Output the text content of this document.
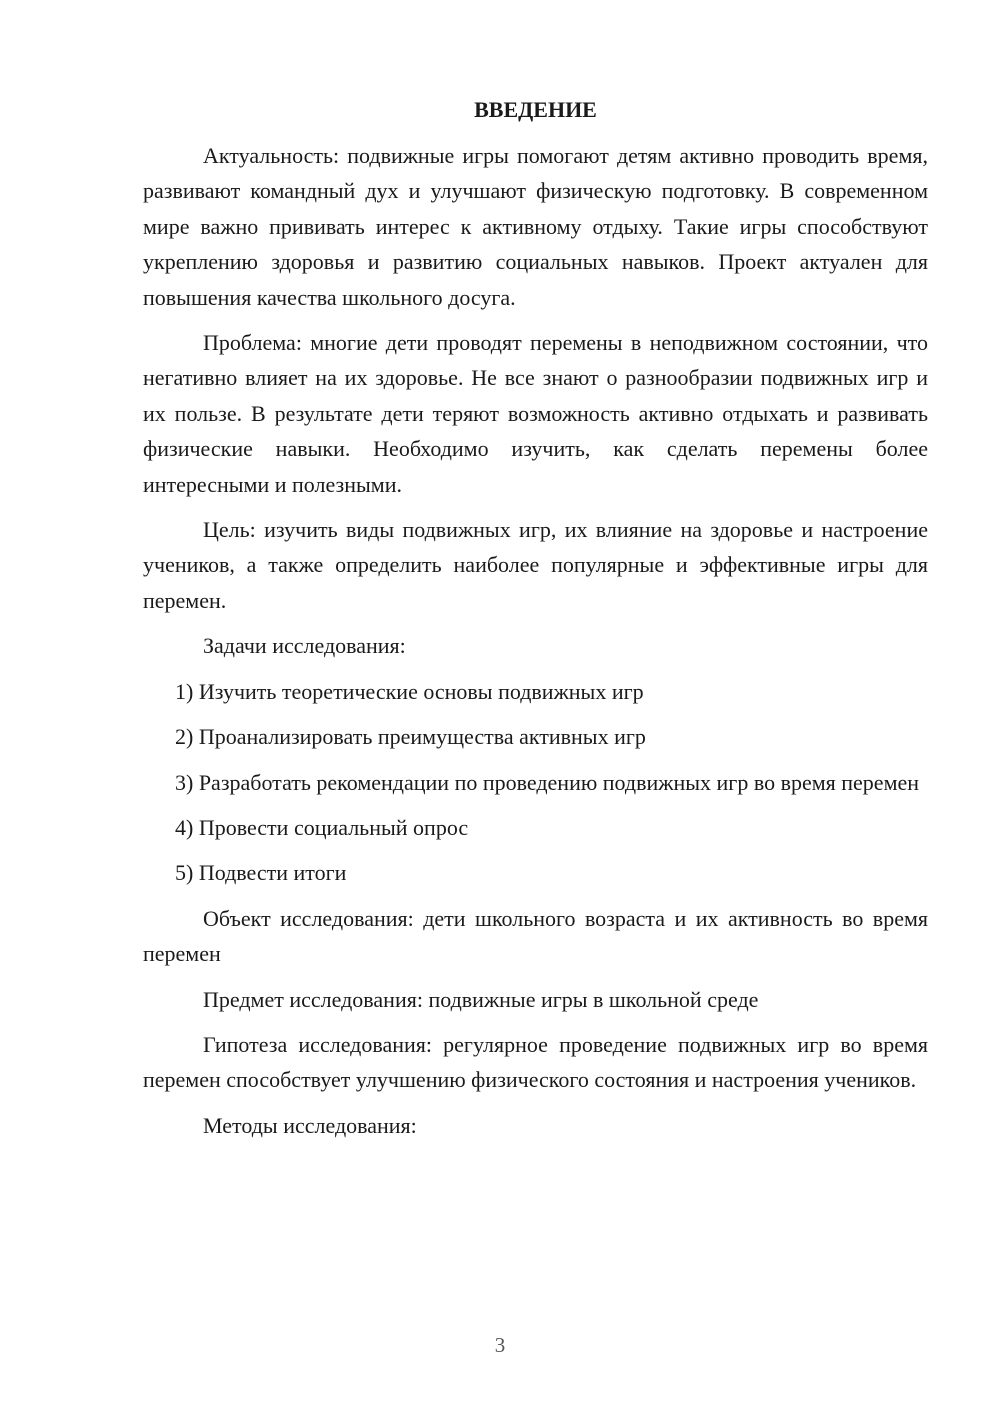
ВВЕДЕНИЕ

Актуальность: подвижные игры помогают детям активно проводить время, развивают командный дух и улучшают физическую подготовку. В современном мире важно прививать интерес к активному отдыху. Такие игры способствуют укреплению здоровья и развитию социальных навыков. Проект актуален для повышения качества школьного досуга.

Проблема: многие дети проводят перемены в неподвижном состоянии, что негативно влияет на их здоровье. Не все знают о разнообразии подвижных игр и их пользе. В результате дети теряют возможность активно отдыхать и развивать физические навыки. Необходимо изучить, как сделать перемены более интересными и полезными.

Цель: изучить виды подвижных игр, их влияние на здоровье и настроение учеников, а также определить наиболее популярные и эффективные игры для перемен.

Задачи исследования:

1) Изучить теоретические основы подвижных игр

2) Проанализировать преимущества активных игр

3) Разработать рекомендации по проведению подвижных игр во время перемен

4) Провести социальный опрос

5) Подвести итоги

Объект исследования: дети школьного возраста и их активность во время перемен

Предмет исследования: подвижные игры в школьной среде

Гипотеза исследования: регулярное проведение подвижных игр во время перемен способствует улучшению физического состояния и настроения учеников.

Методы исследования:

3
